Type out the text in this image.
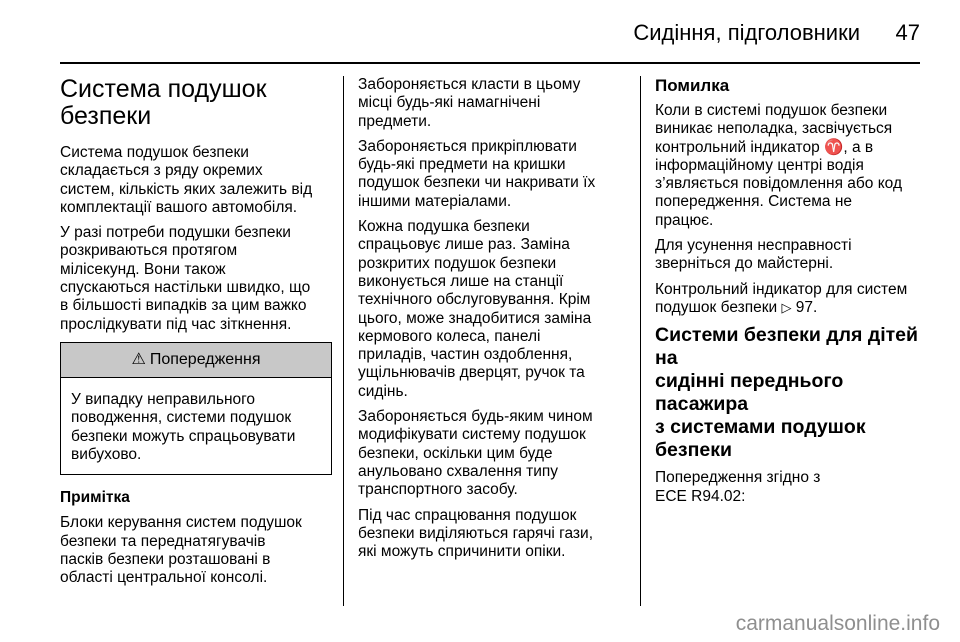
Сидіння, підголовники	47
Система подушок
безпеки

Система подушок безпеки
складається з ряду окремих
систем, кількість яких залежить від
комплектації вашого автомобіля.

У разі потреби подушки безпеки
розкриваються протягом
мілісекунд. Вони також
спускаються настільки швидко, що
в більшості випадків за цим важко
прослідкувати під час зіткнення.

⚠ Попередження
У випадку неправильного
поводження, системи подушок
безпеки можуть спрацьовувати
вибухово.

Примітка

Блоки керування систем подушок
безпеки та переднатягувачів
пасків безпеки розташовані в
області центральної консолі.

Забороняється класти в цьому
місці будь-які намагнічені
предмети.

Забороняється прикріплювати
будь-які предмети на кришки
подушок безпеки чи накривати їх
іншими матеріалами.

Кожна подушка безпеки
спрацьовує лише раз. Заміна
розкритих подушок безпеки
виконується лише на станції
технічного обслуговування. Крім
цього, може знадобитися заміна
кермового колеса, панелі
приладів, частин оздоблення,
ущільнювачів дверцят, ручок та
сидінь.

Забороняється будь-яким чином
модифікувати систему подушок
безпеки, оскільки цим буде
анульовано схвалення типу
транспортного засобу.

Під час спрацювання подушок
безпеки виділяються гарячі гази,
які можуть спричинити опіки.

Помилка

Коли в системі подушок безпеки
виникає неполадка, засвічується
контрольний індикатор ♈, а в
інформаційному центрі водія
з’являється повідомлення або код
попередження. Система не
працює.

Для усунення несправності
зверніться до майстерні.

Контрольний індикатор для систем
подушок безпеки ▷ 97.

Системи безпеки для дітей на
сидінні переднього пасажира
з системами подушок безпеки

Попередження згідно з
ECE R94.02:

carmanualsonline.info
